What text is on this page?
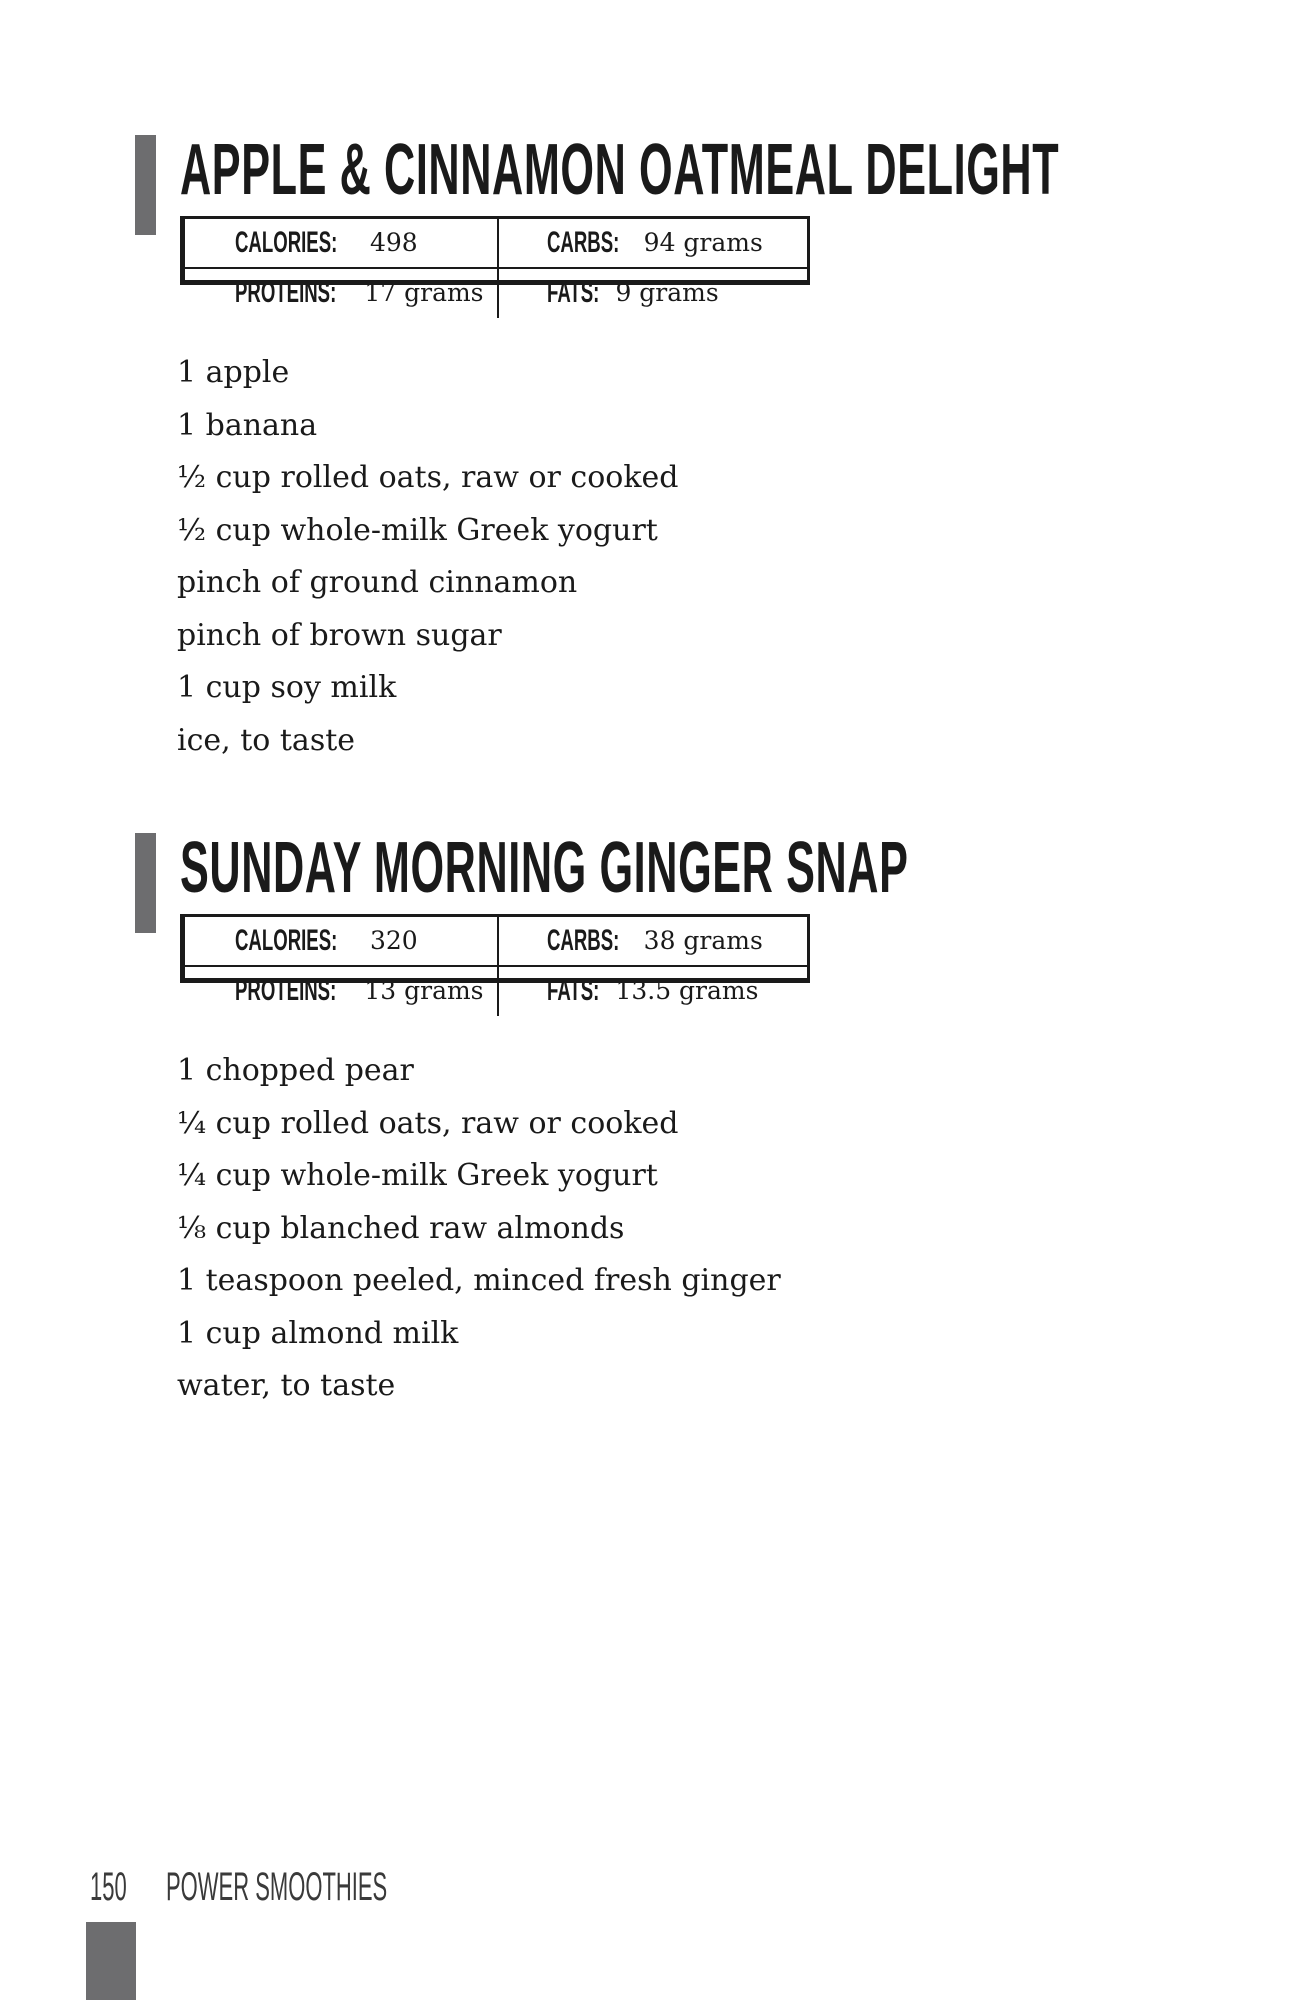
APPLE & CINNAMON OATMEAL DELIGHT
CALORIES: 498	CARBS: 94 grams
PROTEINS: 17 grams FATS: 9 grams
1 apple
1 banana
½ cup rolled oats, raw or cooked
½ cup whole-milk Greek yogurt
pinch of ground cinnamon
pinch of brown sugar
1 cup soy milk
ice, to taste
SUNDAY MORNING GINGER SNAP
CALORIES: 320	CARBS: 38 grams
PROTEINS: 13 grams FATS: 13.5 grams
1 chopped pear
¼ cup rolled oats, raw or cooked
¼ cup whole-milk Greek yogurt
⅛ cup blanched raw almonds
1 teaspoon peeled, minced fresh ginger
1 cup almond milk
water, to taste
150 POWER SMOOTHIES
